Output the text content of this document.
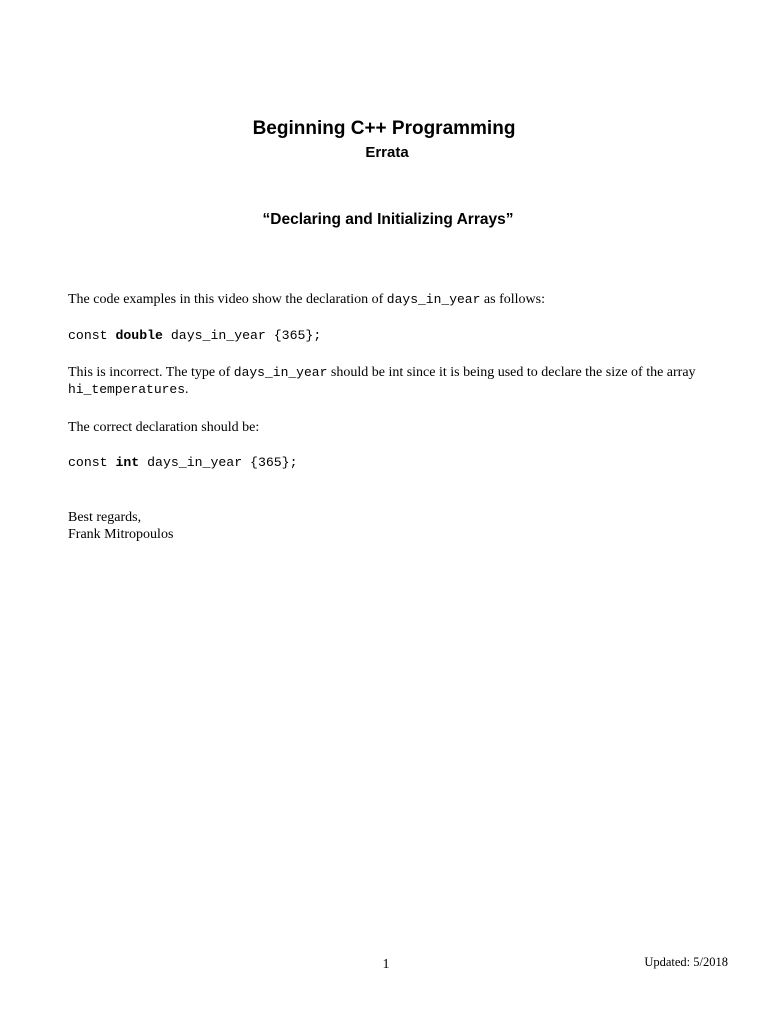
Beginning C++ Programming
Errata
“Declaring and Initializing Arrays”
The code examples in this video show the declaration of days_in_year as follows:
const double days_in_year {365};
This is incorrect. The type of days_in_year should be int since it is being used to declare the size of the array hi_temperatures.
The correct declaration should be:
const int days_in_year {365};
Best regards,
Frank Mitropoulos
1	Updated: 5/2018
